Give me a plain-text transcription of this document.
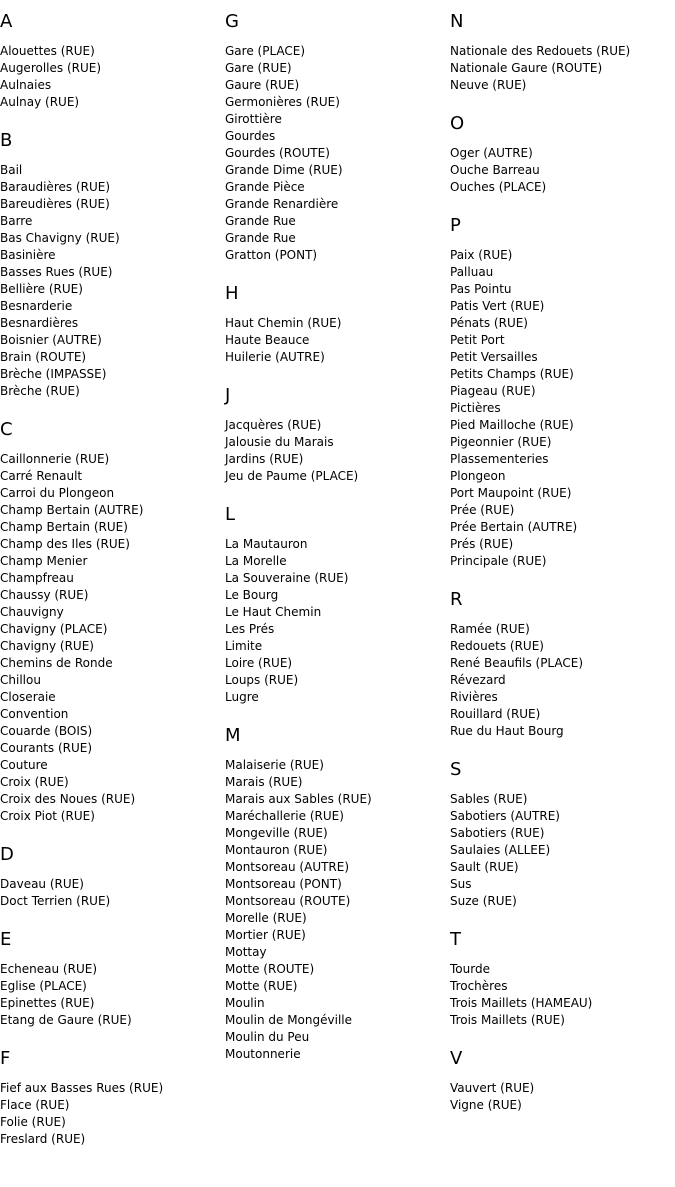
A
Alouettes (RUE)
Augerolles (RUE)
Aulnaies
Aulnay (RUE)
B
Bail
Baraudières (RUE)
Bareudières (RUE)
Barre
Bas Chavigny (RUE)
Basinière
Basses Rues (RUE)
Bellière (RUE)
Besnarderie
Besnardières
Boisnier (AUTRE)
Brain (ROUTE)
Brèche (IMPASSE)
Brèche (RUE)
C
Caillonnerie (RUE)
Carré Renault
Carroi du Plongeon
Champ Bertain (AUTRE)
Champ Bertain (RUE)
Champ des Iles (RUE)
Champ Menier
Champfreau
Chaussy (RUE)
Chauvigny
Chavigny (PLACE)
Chavigny (RUE)
Chemins de Ronde
Chillou
Closeraie
Convention
Couarde (BOIS)
Courants (RUE)
Couture
Croix (RUE)
Croix des Noues (RUE)
Croix Piot (RUE)
D
Daveau (RUE)
Doct Terrien (RUE)
E
Echeneau (RUE)
Eglise (PLACE)
Epinettes (RUE)
Etang de Gaure (RUE)
F
Fief aux Basses Rues (RUE)
Flace (RUE)
Folie (RUE)
Freslard (RUE)
G
Gare (PLACE)
Gare (RUE)
Gaure (RUE)
Germonières (RUE)
Girottière
Gourdes
Gourdes (ROUTE)
Grande Dime (RUE)
Grande Pièce
Grande Renardière
Grande Rue
Grande Rue
Gratton (PONT)
H
Haut Chemin (RUE)
Haute Beauce
Huilerie (AUTRE)
J
Jacquères (RUE)
Jalousie du Marais
Jardins (RUE)
Jeu de Paume (PLACE)
L
La Mautauron
La Morelle
La Souveraine (RUE)
Le Bourg
Le Haut Chemin
Les Prés
Limite
Loire (RUE)
Loups (RUE)
Lugre
M
Malaiserie (RUE)
Marais (RUE)
Marais aux Sables (RUE)
Maréchallerie (RUE)
Mongeville (RUE)
Montauron (RUE)
Montsoreau (AUTRE)
Montsoreau (PONT)
Montsoreau (ROUTE)
Morelle (RUE)
Mortier (RUE)
Mottay
Motte (ROUTE)
Motte (RUE)
Moulin
Moulin de Mongéville
Moulin du Peu
Moutonnerie
N
Nationale des Redouets (RUE)
Nationale Gaure (ROUTE)
Neuve (RUE)
O
Oger (AUTRE)
Ouche Barreau
Ouches (PLACE)
P
Paix (RUE)
Palluau
Pas Pointu
Patis Vert (RUE)
Pénats (RUE)
Petit Port
Petit Versailles
Petits Champs (RUE)
Piageau (RUE)
Pictières
Pied Mailloche (RUE)
Pigeonnier (RUE)
Plassementeries
Plongeon
Port Maupoint (RUE)
Prée (RUE)
Prée Bertain (AUTRE)
Prés (RUE)
Principale (RUE)
R
Ramée (RUE)
Redouets (RUE)
René Beaufils (PLACE)
Révezard
Rivières
Rouillard (RUE)
Rue du Haut Bourg
S
Sables (RUE)
Sabotiers (AUTRE)
Sabotiers (RUE)
Saulaies (ALLEE)
Sault (RUE)
Sus
Suze (RUE)
T
Tourde
Trochères
Trois Maillets (HAMEAU)
Trois Maillets (RUE)
V
Vauvert (RUE)
Vigne (RUE)
